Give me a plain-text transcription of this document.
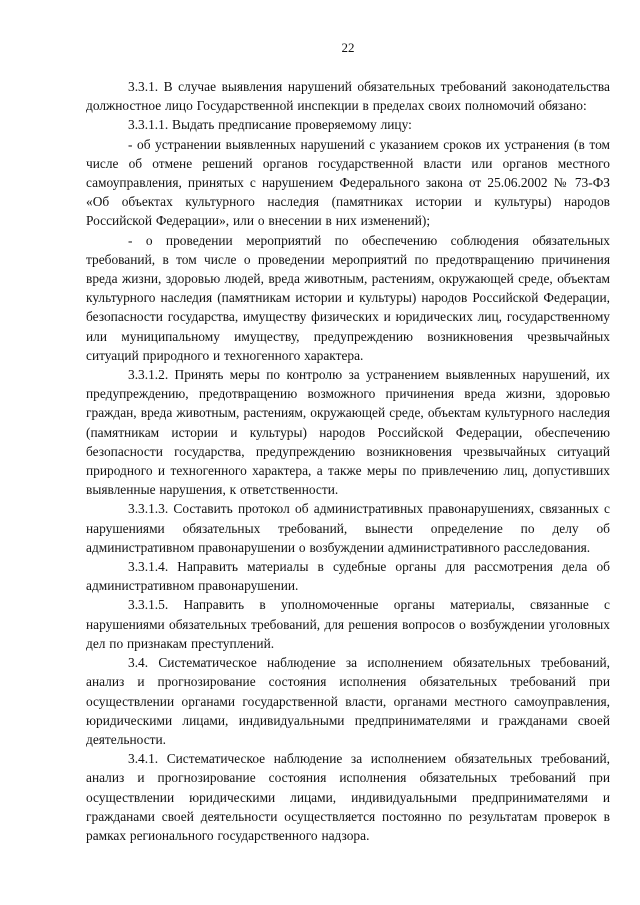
22

3.3.1. В случае выявления нарушений обязательных требований законодательства должностное лицо Государственной инспекции в пределах своих полномочий обязано:

3.3.1.1. Выдать предписание проверяемому лицу:

- об устранении выявленных нарушений с указанием сроков их устранения (в том числе об отмене решений органов государственной власти или органов местного самоуправления, принятых с нарушением Федерального закона от 25.06.2002 № 73-ФЗ «Об объектах культурного наследия (памятниках истории и культуры) народов Российской Федерации», или о внесении в них изменений);

- о проведении мероприятий по обеспечению соблюдения обязательных требований, в том числе о проведении мероприятий по предотвращению причинения вреда жизни, здоровью людей, вреда животным, растениям, окружающей среде, объектам культурного наследия (памятникам истории и культуры) народов Российской Федерации, безопасности государства, имуществу физических и юридических лиц, государственному или муниципальному имуществу, предупреждению возникновения чрезвычайных ситуаций природного и техногенного характера.

3.3.1.2. Принять меры по контролю за устранением выявленных нарушений, их предупреждению, предотвращению возможного причинения вреда жизни, здоровью граждан, вреда животным, растениям, окружающей среде, объектам культурного наследия (памятникам истории и культуры) народов Российской Федерации, обеспечению безопасности государства, предупреждению возникновения чрезвычайных ситуаций природного и техногенного характера, а также меры по привлечению лиц, допустивших выявленные нарушения, к ответственности.

3.3.1.3. Составить протокол об административных правонарушениях, связанных с нарушениями обязательных требований, вынести определение по делу об административном правонарушении о возбуждении административного расследования.

3.3.1.4. Направить материалы в судебные органы для рассмотрения дела об административном правонарушении.

3.3.1.5. Направить в уполномоченные органы материалы, связанные с нарушениями обязательных требований, для решения вопросов о возбуждении уголовных дел по признакам преступлений.

3.4. Систематическое наблюдение за исполнением обязательных требований, анализ и прогнозирование состояния исполнения обязательных требований при осуществлении органами государственной власти, органами местного самоуправления, юридическими лицами, индивидуальными предпринимателями и гражданами своей деятельности.

3.4.1. Систематическое наблюдение за исполнением обязательных требований, анализ и прогнозирование состояния исполнения обязательных требований при осуществлении юридическими лицами, индивидуальными предпринимателями и гражданами своей деятельности осуществляется постоянно по результатам проверок в рамках регионального государственного надзора.
